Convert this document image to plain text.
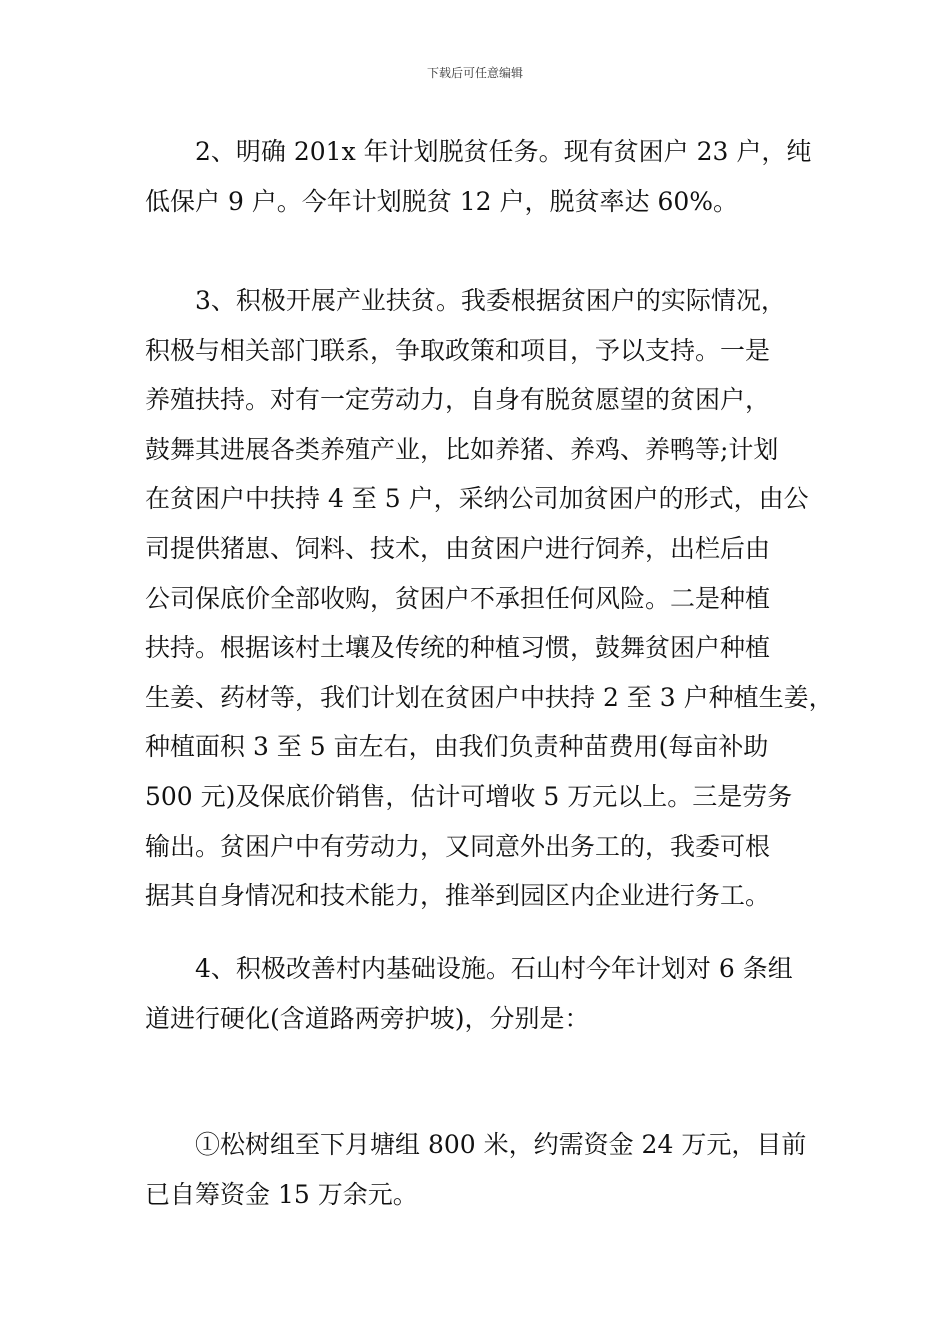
下载后可任意编辑

2、明确 201x 年计划脱贫任务。现有贫困户 23 户，纯
低保户 9 户。今年计划脱贫 12 户，脱贫率达 60%。

3、积极开展产业扶贫。我委根据贫困户的实际情况，
积极与相关部门联系，争取政策和项目，予以支持。一是
养殖扶持。对有一定劳动力，自身有脱贫愿望的贫困户，
鼓舞其进展各类养殖产业，比如养猪、养鸡、养鸭等;计划
在贫困户中扶持 4 至 5 户，采纳公司加贫困户的形式，由公
司提供猪崽、饲料、技术，由贫困户进行饲养，出栏后由
公司保底价全部收购，贫困户不承担任何风险。二是种植
扶持。根据该村土壤及传统的种植习惯，鼓舞贫困户种植
生姜、药材等，我们计划在贫困户中扶持 2 至 3 户种植生姜，
种植面积 3 至 5 亩左右，由我们负责种苗费用(每亩补助
500 元)及保底价销售，估计可增收 5 万元以上。三是劳务
输出。贫困户中有劳动力，又同意外出务工的，我委可根
据其自身情况和技术能力，推举到园区内企业进行务工。

4、积极改善村内基础设施。石山村今年计划对 6 条组
道进行硬化(含道路两旁护坡)，分别是：

①松树组至下月塘组 800 米，约需资金 24 万元，目前
已自筹资金 15 万余元。
